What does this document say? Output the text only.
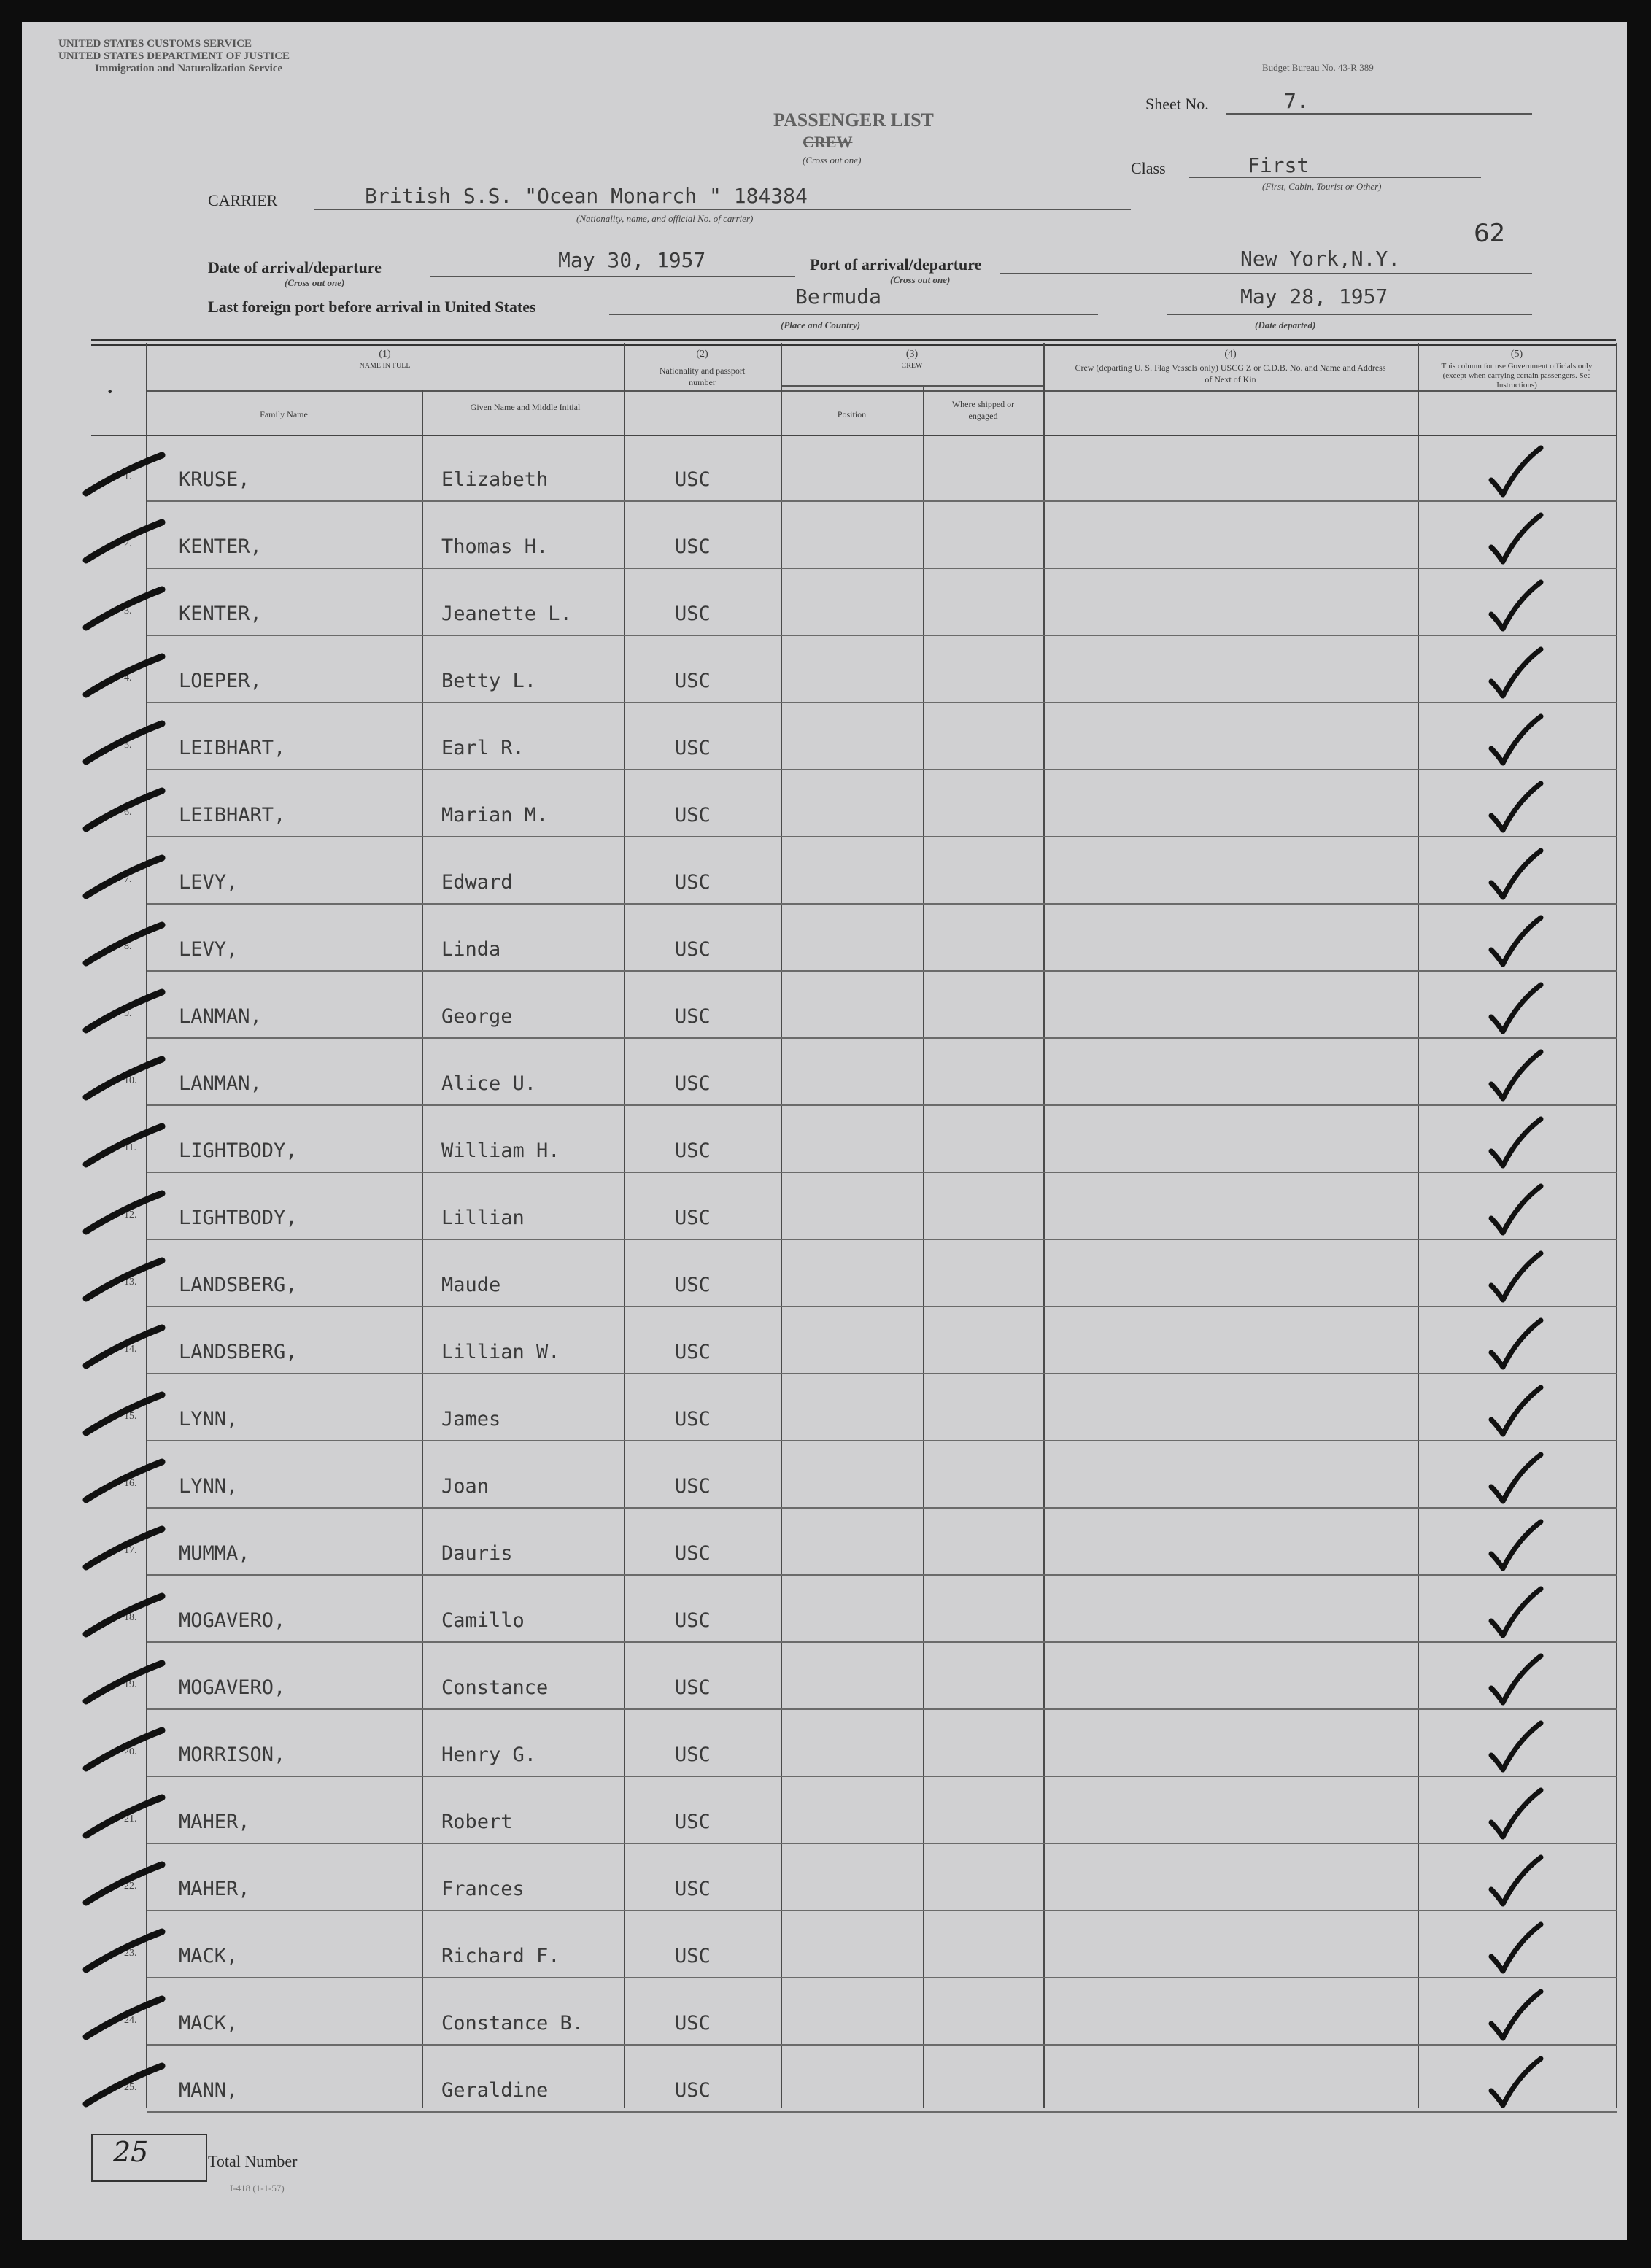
UNITED STATES CUSTOMS SERVICE
UNITED STATES DEPARTMENT OF JUSTICE
Immigration and Naturalization Service	Budget Bureau No. 43-R 389
PASSENGER LIST
CREW
(Cross out one)
Sheet No.	7.
Class	First
(First, Cabin, Tourist or Other)
CARRIER	British S.S. "Ocean Monarch " 184384
(Nationality, name, and official No. of carrier)
62
Date of arrival/departure
(Cross out one)
May 30, 1957	Port of arrival/departure
(Cross out one)
New York,N.Y.
Last foreign port before arrival in United States	Bermuda
(Place and Country)
May 28, 1957
(Date departed)
(1)
NAME IN FULL
Family Name
Given Name and Middle Initial
(2)
Nationality and passport number
(3)
CREW
Position
Where shipped or engaged
(4)
Crew (departing U. S. Flag Vessels only) USCG Z or C.D.B. No. and Name and Address of Next of Kin
(5)
This column for use Government officials only (except when carrying certain passengers. See Instructions)
•
1. KRUSE,	Elizabeth	USC
2. KENTER,	Thomas H.	USC
3. KENTER,	Jeanette L.	USC
4. LOEPER,	Betty L.	USC
5. LEIBHART,	Earl R.	USC
6. LEIBHART,	Marian M.	USC
7. LEVY,	Edward	USC
8. LEVY,	Linda	USC
9. LANMAN,	George	USC
10. LANMAN,	Alice U.	USC
11. LIGHTBODY,	William H.	USC
12. LIGHTBODY,	Lillian	USC
13. LANDSBERG,	Maude	USC
14. LANDSBERG,	Lillian W.	USC
15. LYNN,	James	USC
16. LYNN,	Joan	USC
17. MUMMA,	Dauris	USC
18. MOGAVERO,	Camillo	USC
19. MOGAVERO,	Constance	USC
20. MORRISON,	Henry G.	USC
21. MAHER,	Robert	USC
22. MAHER,	Frances	USC
23. MACK,	Richard F.	USC
24. MACK,	Constance B.	USC
25. MANN,	Geraldine	USC
25	Total Number
I-418 (1-1-57)
